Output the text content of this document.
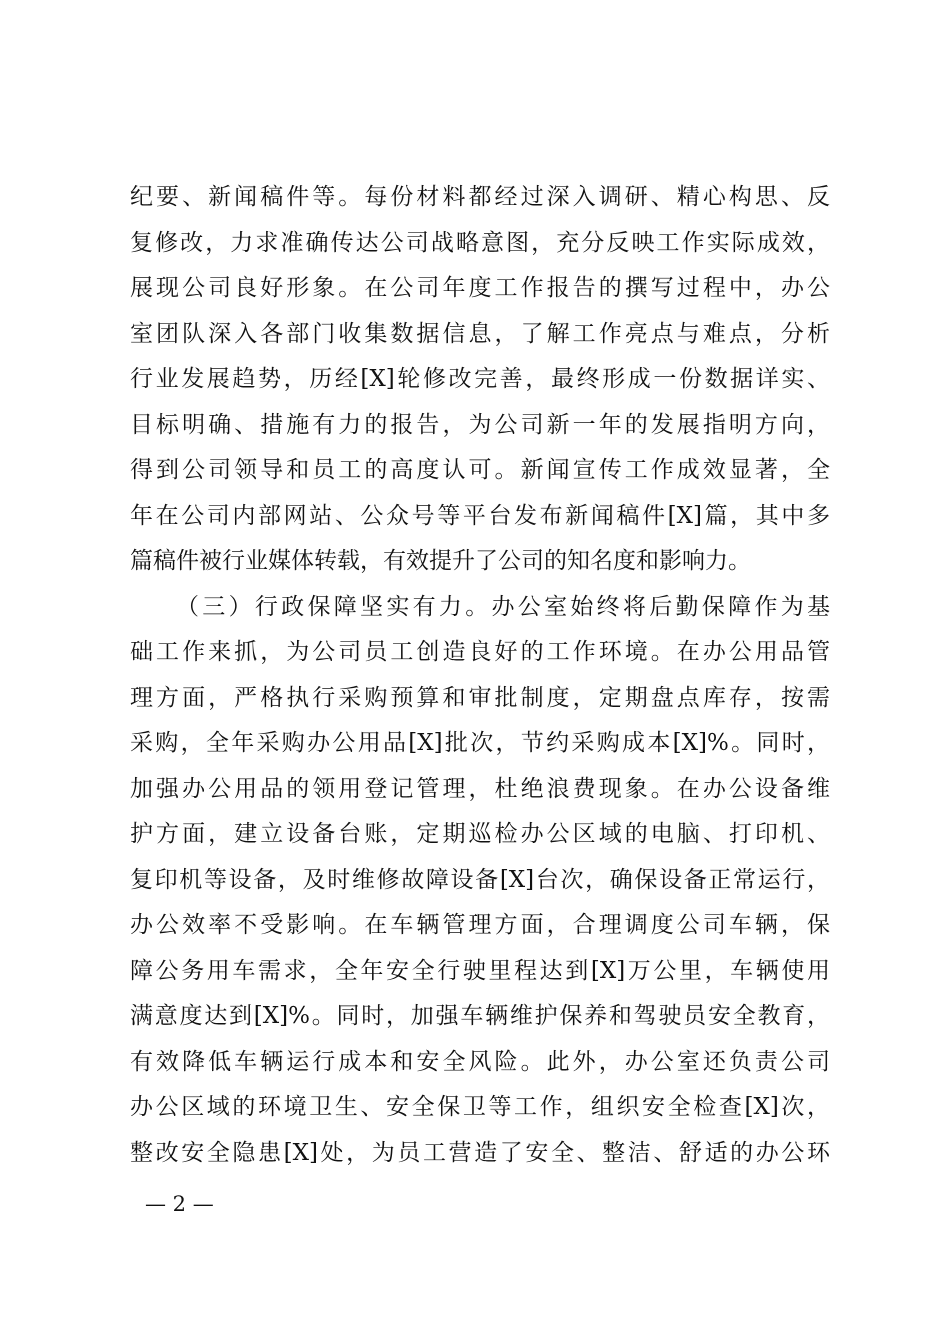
纪要、新闻稿件等。每份材料都经过深入调研、精心构思、反
复修改，力求准确传达公司战略意图，充分反映工作实际成效，
展现公司良好形象。在公司年度工作报告的撰写过程中，办公
室团队深入各部门收集数据信息，了解工作亮点与难点，分析
行业发展趋势，历经[X]轮修改完善，最终形成一份数据详实、
目标明确、措施有力的报告，为公司新一年的发展指明方向，
得到公司领导和员工的高度认可。新闻宣传工作成效显著，全
年在公司内部网站、公众号等平台发布新闻稿件[X]篇，其中多
篇稿件被行业媒体转载，有效提升了公司的知名度和影响力。
（三）行政保障坚实有力。办公室始终将后勤保障作为基
础工作来抓，为公司员工创造良好的工作环境。在办公用品管
理方面，严格执行采购预算和审批制度，定期盘点库存，按需
采购，全年采购办公用品[X]批次，节约采购成本[X]%。同时，
加强办公用品的领用登记管理，杜绝浪费现象。在办公设备维
护方面，建立设备台账，定期巡检办公区域的电脑、打印机、
复印机等设备，及时维修故障设备[X]台次，确保设备正常运行，
办公效率不受影响。在车辆管理方面，合理调度公司车辆，保
障公务用车需求，全年安全行驶里程达到[X]万公里，车辆使用
满意度达到[X]%。同时，加强车辆维护保养和驾驶员安全教育，
有效降低车辆运行成本和安全风险。此外，办公室还负责公司
办公区域的环境卫生、安全保卫等工作，组织安全检查[X]次，
整改安全隐患[X]处，为员工营造了安全、整洁、舒适的办公环
— 2 —
